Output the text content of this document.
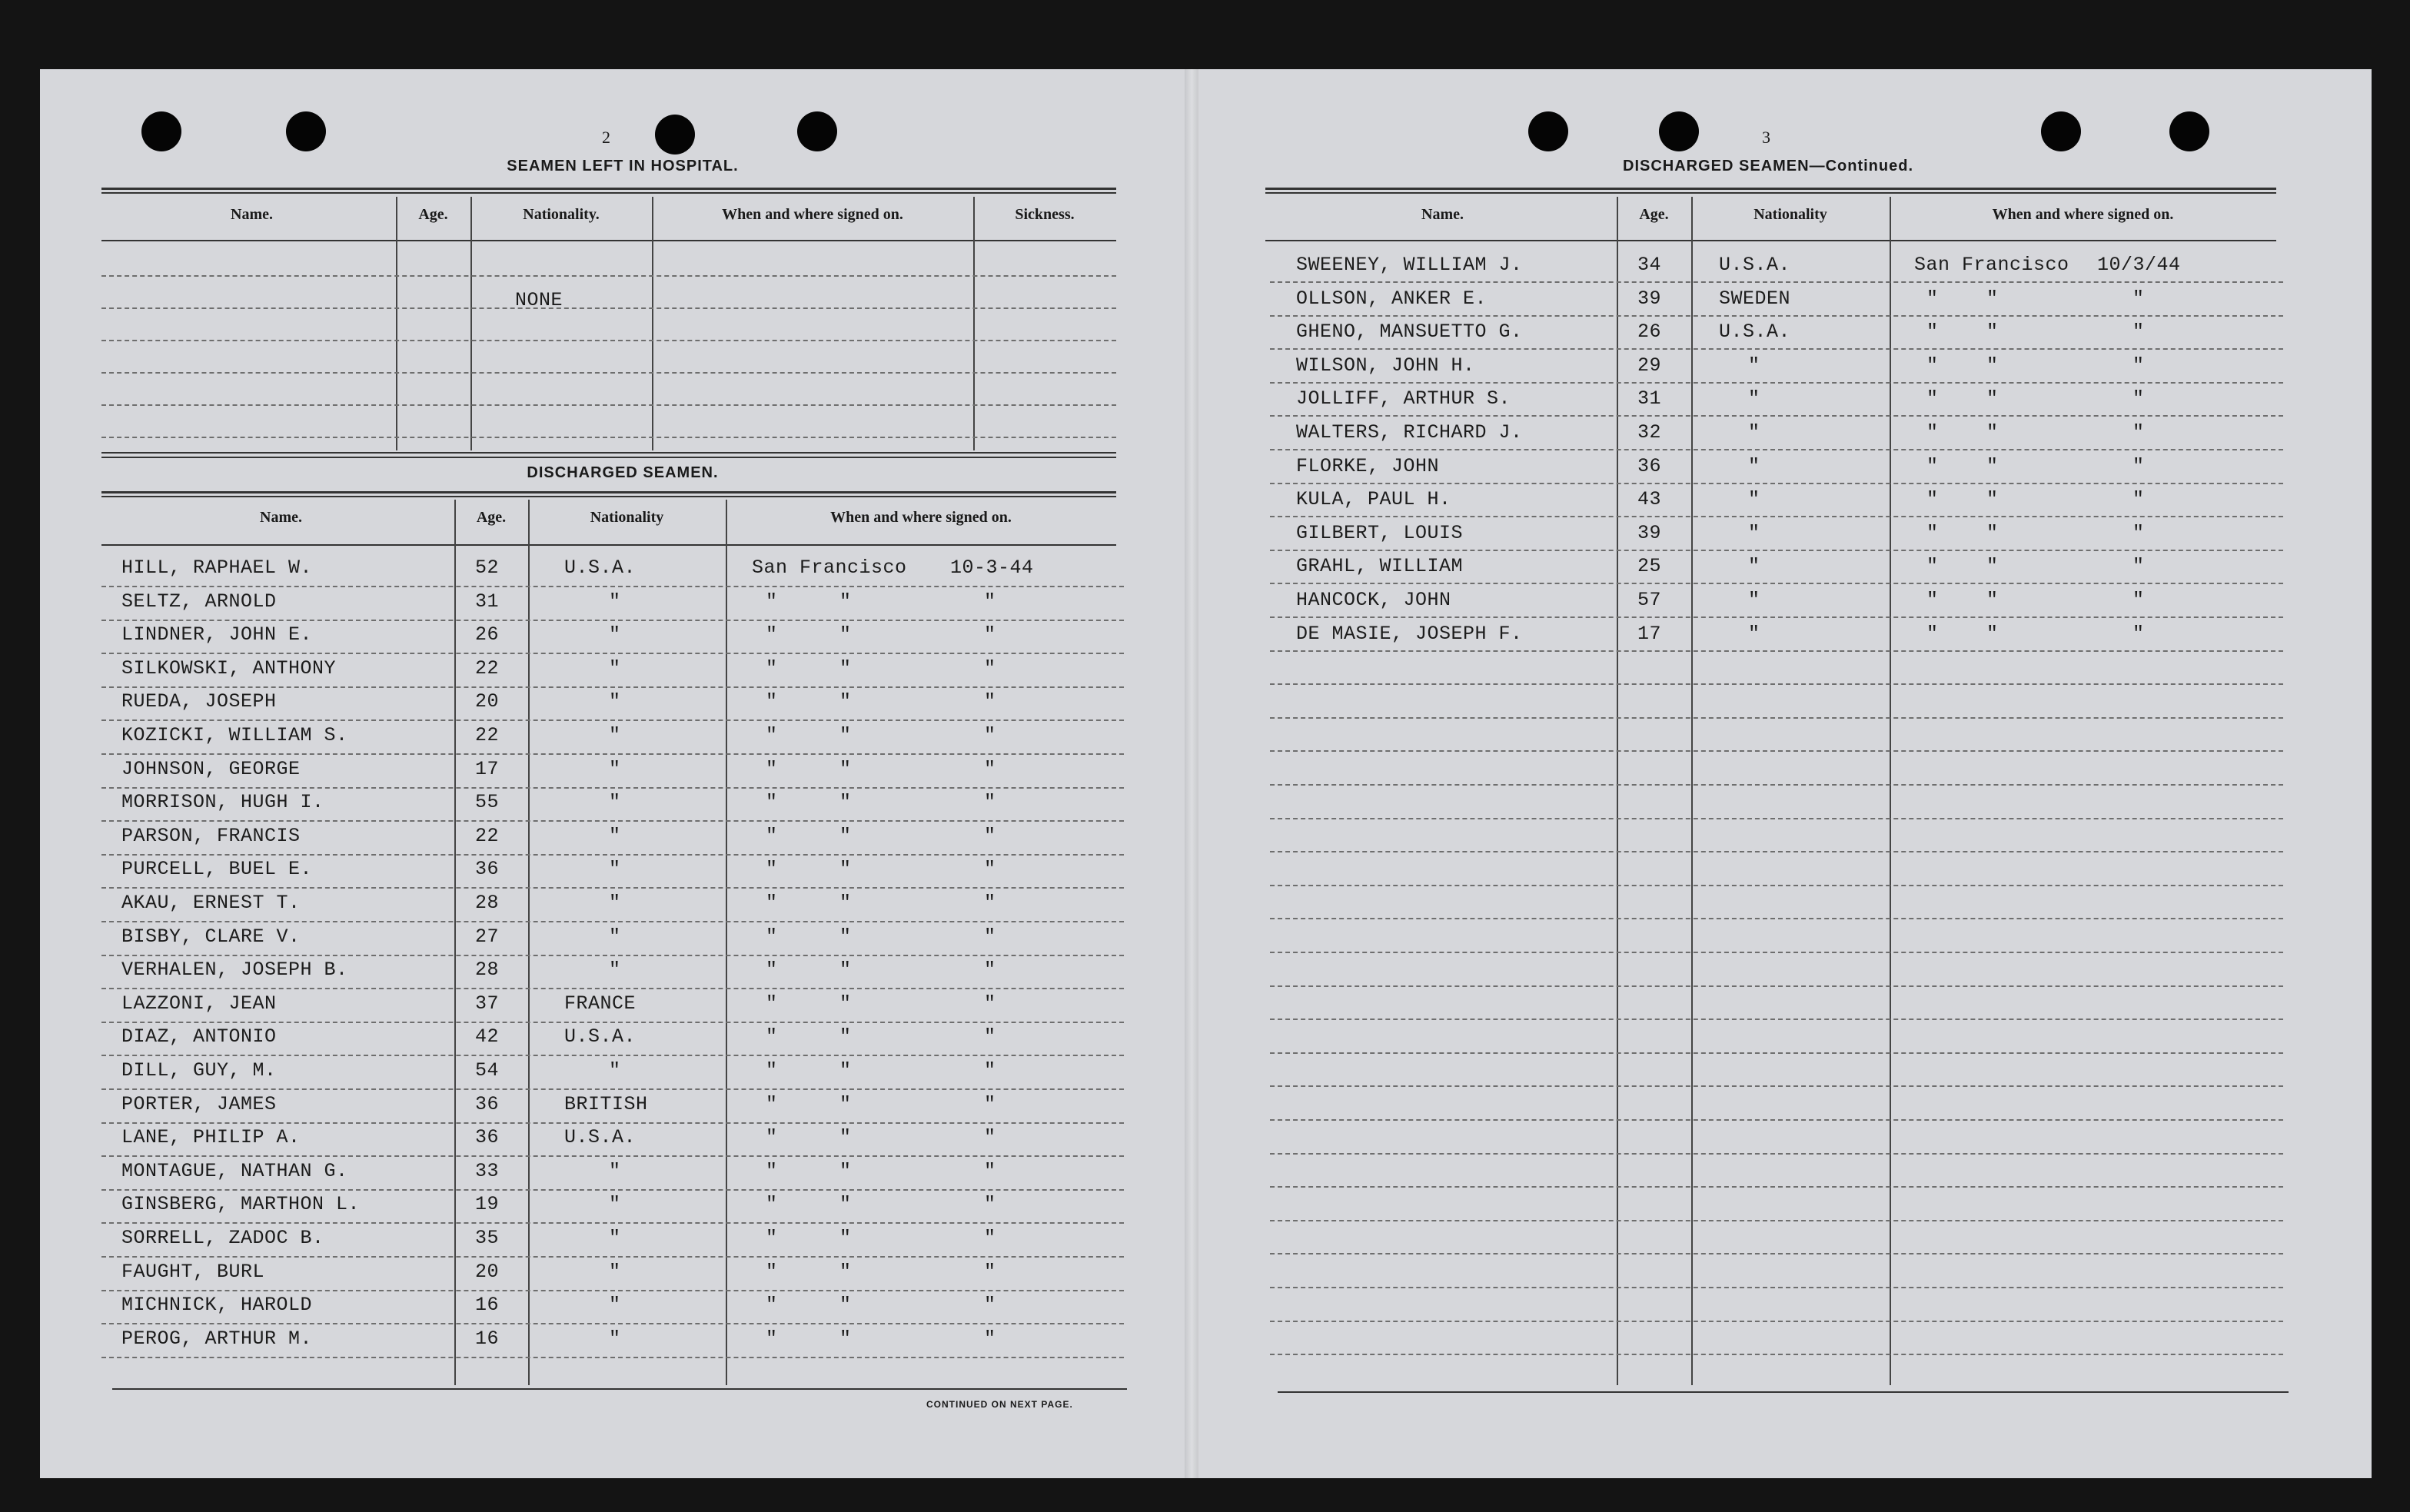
2
SEAMEN LEFT IN HOSPITAL.
Name.	Age.	Nationality.	When and where signed on.	Sickness.
NONE
DISCHARGED SEAMEN.
Name.	Age.	Nationality	When and where signed on.
HILL, RAPHAEL W.	52	U.S.A.	San Francisco 10-3-44
SELTZ, ARNOLD	31	"	"	"	"
LINDNER, JOHN E.	26	"	"	"	"
SILKOWSKI, ANTHONY	22	"	"	"	"
RUEDA, JOSEPH	20	"	"	"	"
KOZICKI, WILLIAM S.	22	"	"	"	"
JOHNSON, GEORGE	17	"	"	"	"
MORRISON, HUGH I.	55	"	"	"	"
PARSON, FRANCIS	22	"	"	"	"
PURCELL, BUEL E.	36	"	"	"	"
AKAU, ERNEST T.	28	"	"	"	"
BISBY, CLARE V.	27	"	"	"	"
VERHALEN, JOSEPH B.	28	"	"	"	"
LAZZONI, JEAN	37	FRANCE	"	"	"
DIAZ, ANTONIO	42	U.S.A.	"	"	"
DILL, GUY, M.	54	"	"	"	"
PORTER, JAMES	36	BRITISH	"	"	"
LANE, PHILIP A.	36	U.S.A.	"	"	"
MONTAGUE, NATHAN G.	33	"	"	"	"
GINSBERG, MARTHON L.	19	"	"	"	"
SORRELL, ZADOC B.	35	"	"	"	"
FAUGHT, BURL	20	"	"	"	"
MICHNICK, HAROLD	16	"	"	"	"
PEROG, ARTHUR M.	16	"	"	"	"
CONTINUED ON NEXT PAGE.
3
DISCHARGED SEAMEN—Continued.
Name.	Age.	Nationality	When and where signed on.
SWEENEY, WILLIAM J.	34	U.S.A.	San Francisco 10/3/44
OLLSON, ANKER E.	39	SWEDEN	" "	"
GHENO, MANSUETTO G.	26	U.S.A.	" "	"
WILSON, JOHN H.	29	"	" "	"
JOLLIFF, ARTHUR S.	31	"	" "	"
WALTERS, RICHARD J.	32	"	" "	"
FLORKE, JOHN	36	"	" "	"
KULA, PAUL H.	43	"	" "	"
GILBERT, LOUIS	39	"	" "	"
GRAHL, WILLIAM	25	"	" "	"
HANCOCK, JOHN	57	"	" "	"
DE MASIE, JOSEPH F.	17	"	" "	"
